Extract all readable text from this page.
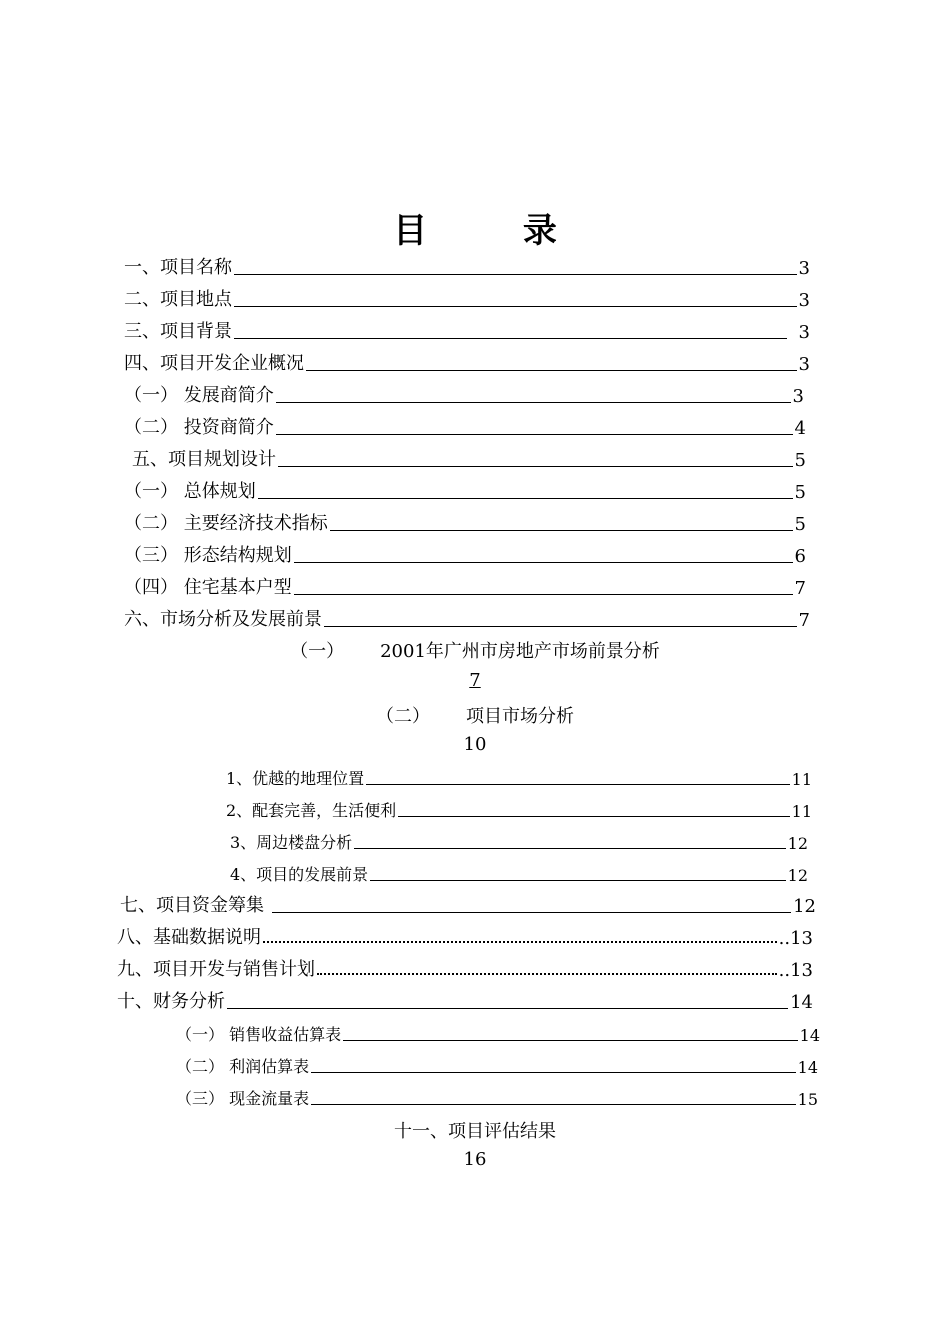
目 录
一、项目名称	3
二、项目地点	3
三、项目背景	3
四、项目开发企业概况	3
（一） 发展商简介	3
（二） 投资商简介	4
五、项目规划设计	5
（一） 总体规划	5
（二） 主要经济技术指标	5
（三） 形态结构规划	6
（四） 住宅基本户型	7
六、市场分析及发展前景	7
（一） 2001年广州市房地产市场前景分析
7
（二） 项目市场分析
10
1、优越的地理位置	11
2、配套完善，生活便利	11
3、周边楼盘分析	12
4、项目的发展前景	12
七、项目资金筹集	12
八、基础数据说明	..13
九、项目开发与销售计划	..13
十、财务分析	14
（一） 销售收益估算表	14
（二） 利润估算表	14
（三） 现金流量表	15
十一、项目评估结果
16
